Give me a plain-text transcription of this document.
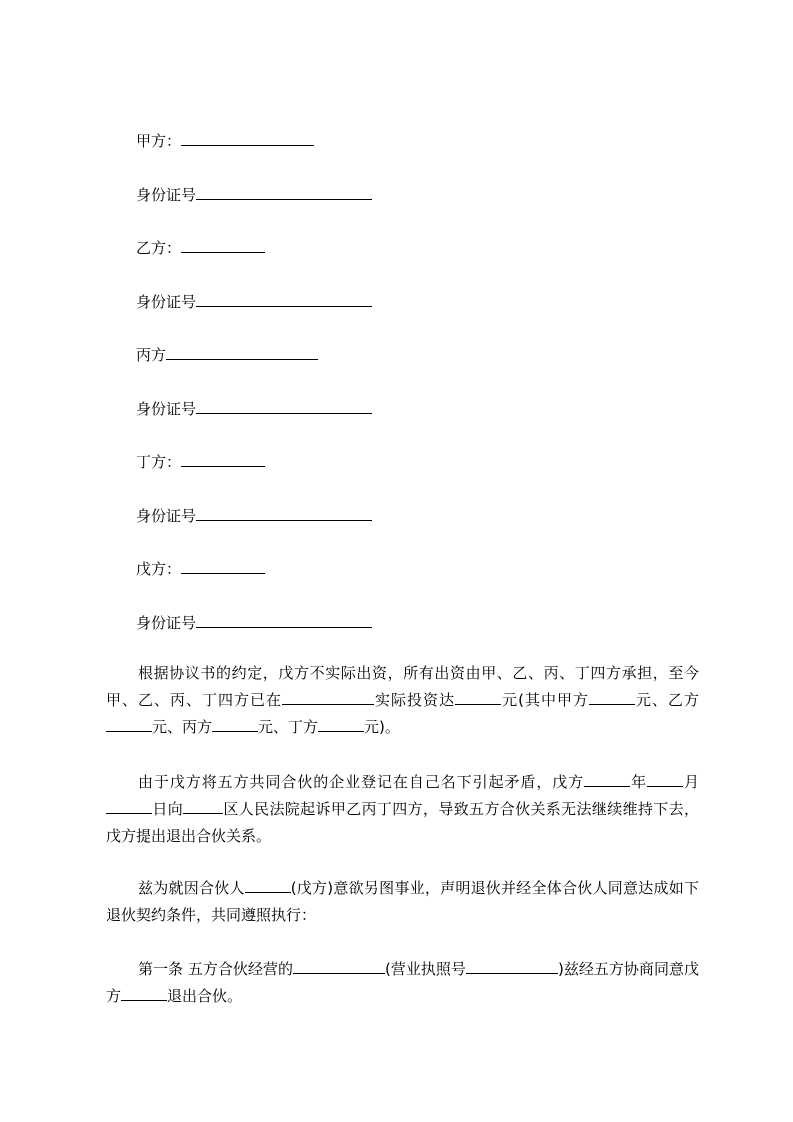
甲方：
身份证号
乙方：
身份证号
丙方
身份证号
丁方：
身份证号
戊方：
身份证号
根据协议书的约定，戊方不实际出资，所有出资由甲、乙、丙、丁四方承担，至今甲、乙、丙、丁四方已在	实际投资达	元(其中甲方	元、乙方元、丙方	元、丁方	元)。
由于戊方将五方共同合伙的企业登记在自己名下引起矛盾，戊方	年 月日向	区人民法院起诉甲乙丙丁四方，导致五方合伙关系无法继续维持下去，戊方提出退出合伙关系。
兹为就因合伙人	(戊方)意欲另图事业，声明退伙并经全体合伙人同意达成如下退伙契约条件，共同遵照执行：
第一条 五方合伙经营的	(营业执照号	)兹经五方协商同意戊方	退出合伙。
